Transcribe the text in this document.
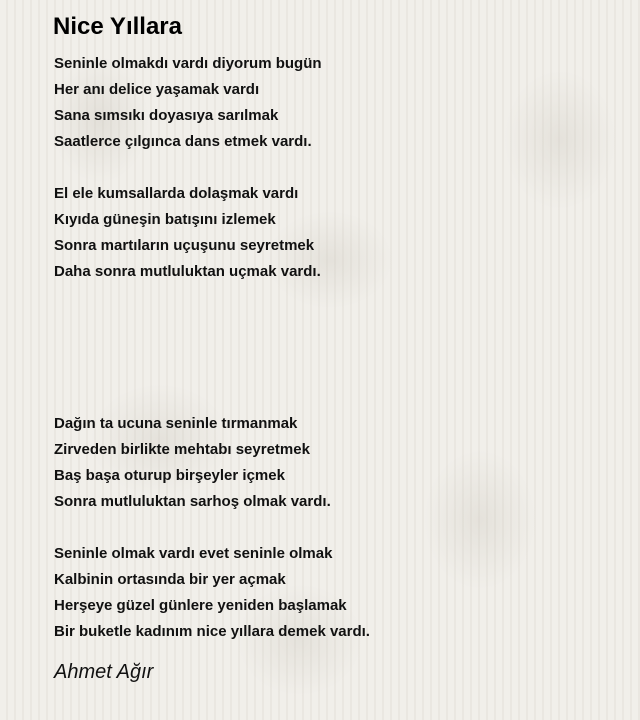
Nice Yıllara
Seninle olmakdı vardı diyorum bugün
Her anı delice yaşamak vardı
Sana sımsıkı doyasıya sarılmak
Saatlerce çılgınca dans etmek vardı.
El ele kumsallarda dolaşmak vardı
Kıyıda güneşin batışını izlemek
Sonra martıların uçuşunu seyretmek
Daha sonra mutluluktan uçmak vardı.
Dağın ta ucuna seninle tırmanmak
Zirveden birlikte mehtabı seyretmek
Baş başa oturup birşeyler içmek
Sonra mutluluktan sarhoş olmak vardı.
Seninle olmak vardı evet seninle olmak
Kalbinin ortasında bir yer açmak
Herşeye güzel günlere yeniden başlamak
Bir buketle kadınım nice yıllara demek vardı.
Ahmet Ağır
